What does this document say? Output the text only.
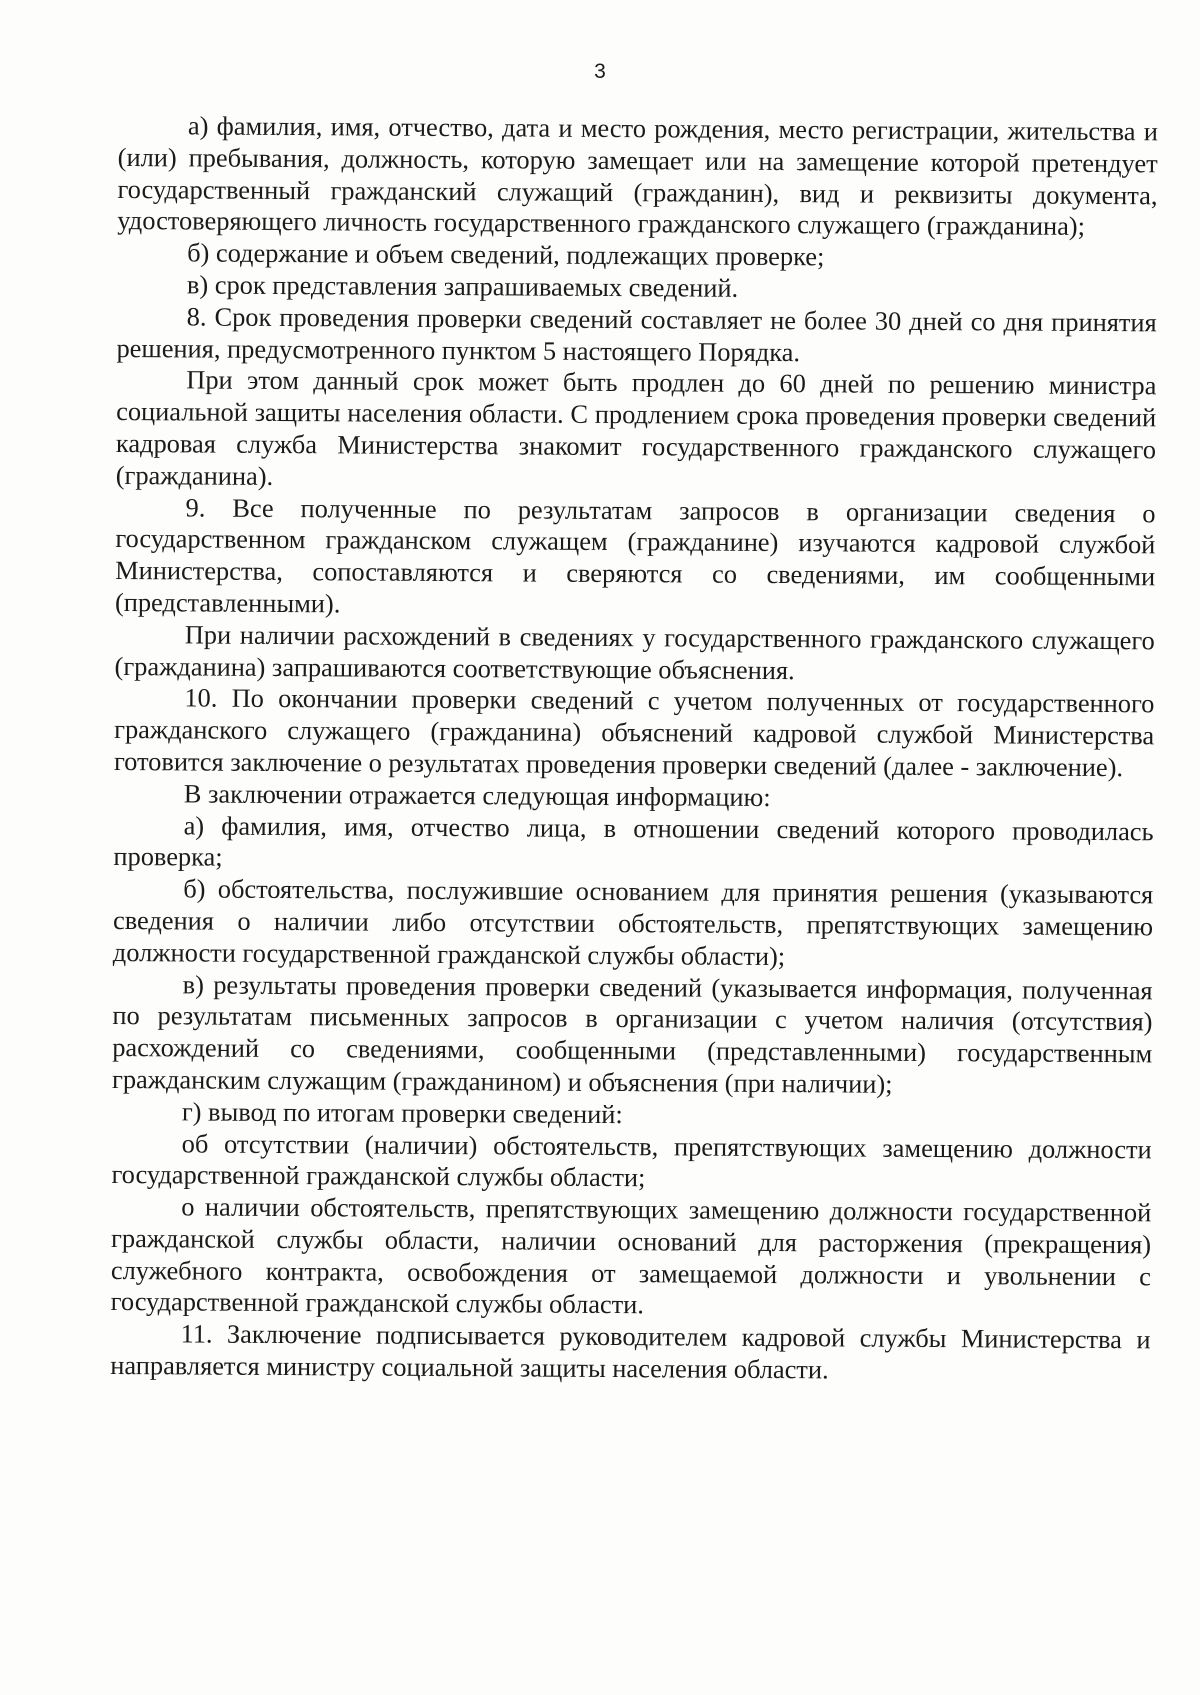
3

а) фамилия, имя, отчество, дата и место рождения, место регистрации, жительства и (или) пребывания, должность, которую замещает или на замещение которой претендует государственный гражданский служащий (гражданин), вид и реквизиты документа, удостоверяющего личность государственного гражданского служащего (гражданина);

б) содержание и объем сведений, подлежащих проверке;

в) срок представления запрашиваемых сведений.

8. Срок проведения проверки сведений составляет не более 30 дней со дня принятия решения, предусмотренного пунктом 5 настоящего Порядка.

При этом данный срок может быть продлен до 60 дней по решению министра социальной защиты населения области. С продлением срока проведения проверки сведений кадровая служба Министерства знакомит государственного гражданского служащего (гражданина).

9. Все полученные по результатам запросов в организации сведения о государственном гражданском служащем (гражданине) изучаются кадровой службой Министерства, сопоставляются и сверяются со сведениями, им сообщенными (представленными).

При наличии расхождений в сведениях у государственного гражданского служащего (гражданина) запрашиваются соответствующие объяснения.

10. По окончании проверки сведений с учетом полученных от государственного гражданского служащего (гражданина) объяснений кадровой службой Министерства готовится заключение о результатах проведения проверки сведений (далее - заключение).

В заключении отражается следующая информацию:

а) фамилия, имя, отчество лица, в отношении сведений которого проводилась проверка;

б) обстоятельства, послужившие основанием для принятия решения (указываются сведения о наличии либо отсутствии обстоятельств, препятствующих замещению должности государственной гражданской службы области);

в) результаты проведения проверки сведений (указывается информация, полученная по результатам письменных запросов в организации с учетом наличия (отсутствия) расхождений со сведениями, сообщенными (представленными) государственным гражданским служащим (гражданином) и объяснения (при наличии);

г) вывод по итогам проверки сведений:

об отсутствии (наличии) обстоятельств, препятствующих замещению должности государственной гражданской службы области;

о наличии обстоятельств, препятствующих замещению должности государственной гражданской службы области, наличии оснований для расторжения (прекращения) служебного контракта, освобождения от замещаемой должности и увольнении с государственной гражданской службы области.

11. Заключение подписывается руководителем кадровой службы Министерства и направляется министру социальной защиты населения области.
